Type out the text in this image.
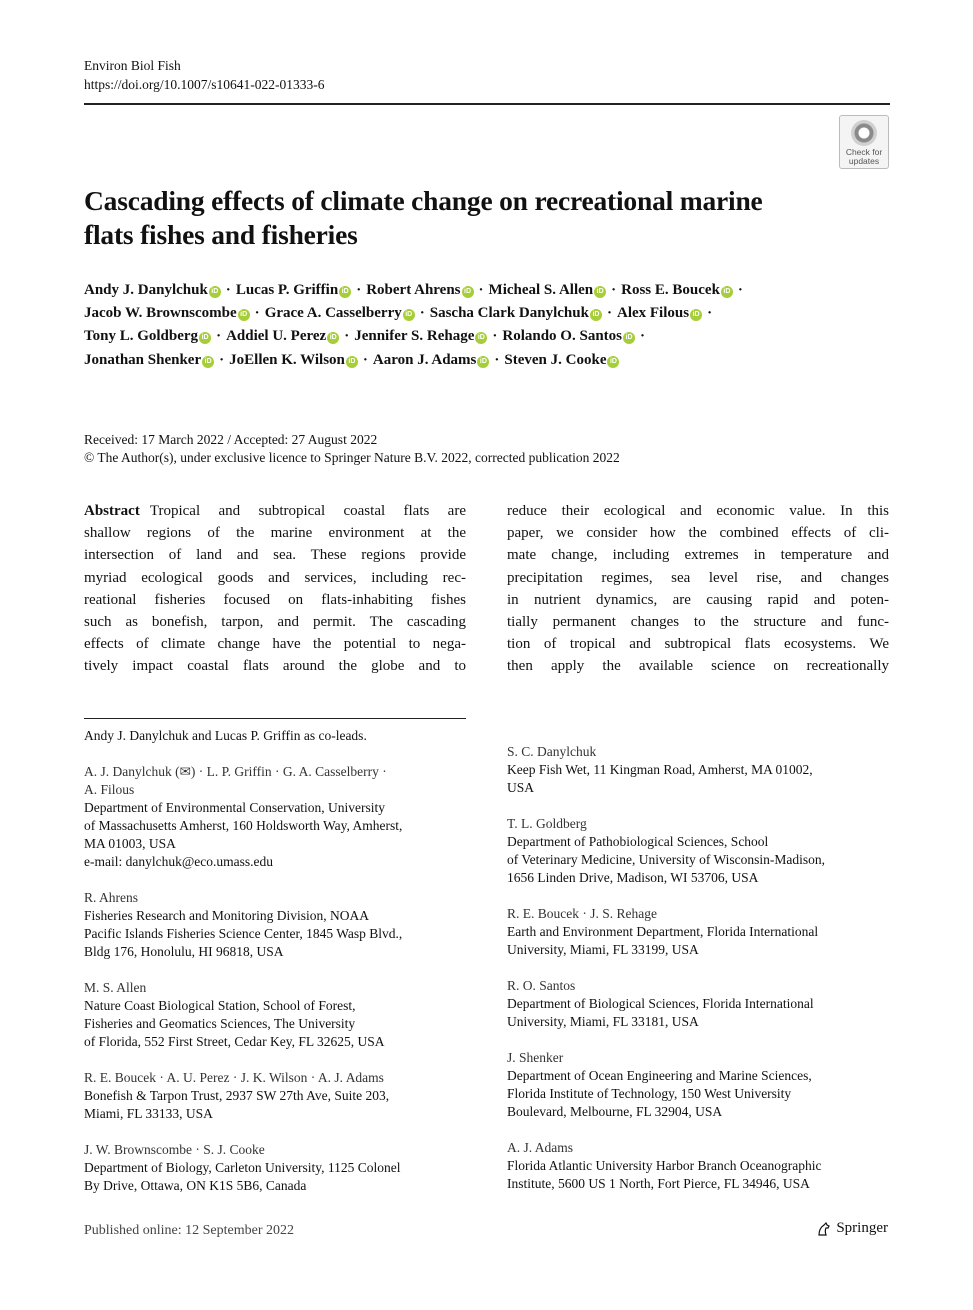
Environ Biol Fish
https://doi.org/10.1007/s10641-022-01333-6
Check for
updates
Cascading effects of climate change on recreational marine
flats fishes and fisheries
Andy J. Danylchuk iD · Lucas P. Griffin iD · Robert Ahrens iD · Micheal S. Allen iD · Ross E. Boucek iD ·
Jacob W. Brownscombe iD · Grace A. Casselberry iD · Sascha Clark Danylchuk iD · Alex Filous iD ·
Tony L. Goldberg iD · Addiel U. Perez iD · Jennifer S. Rehage iD · Rolando O. Santos iD ·
Jonathan Shenker iD · JoEllen K. Wilson iD · Aaron J. Adams iD · Steven J. Cooke iD
Received: 17 March 2022 / Accepted: 27 August 2022
© The Author(s), under exclusive licence to Springer Nature B.V. 2022, corrected publication 2022
Abstract Tropical and subtropical coastal flats are
shallow regions of the marine environment at the
intersection of land and sea. These regions provide
myriad ecological goods and services, including rec-
reational fisheries focused on flats-inhabiting fishes
such as bonefish, tarpon, and permit. The cascading
effects of climate change have the potential to nega-
tively impact coastal flats around the globe and to
reduce their ecological and economic value. In this
paper, we consider how the combined effects of cli-
mate change, including extremes in temperature and
precipitation regimes, sea level rise, and changes
in nutrient dynamics, are causing rapid and poten-
tially permanent changes to the structure and func-
tion of tropical and subtropical flats ecosystems. We
then apply the available science on recreationally
Andy J. Danylchuk and Lucas P. Griffin as co-leads.
A. J. Danylchuk (✉) · L. P. Griffin · G. A. Casselberry ·
A. Filous
Department of Environmental Conservation, University
of Massachusetts Amherst, 160 Holdsworth Way, Amherst,
MA 01003, USA
e-mail: danylchuk@eco.umass.edu
R. Ahrens
Fisheries Research and Monitoring Division, NOAA
Pacific Islands Fisheries Science Center, 1845 Wasp Blvd.,
Bldg 176, Honolulu, HI 96818, USA
M. S. Allen
Nature Coast Biological Station, School of Forest,
Fisheries and Geomatics Sciences, The University
of Florida, 552 First Street, Cedar Key, FL 32625, USA
R. E. Boucek · A. U. Perez · J. K. Wilson · A. J. Adams
Bonefish & Tarpon Trust, 2937 SW 27th Ave, Suite 203,
Miami, FL 33133, USA
J. W. Brownscombe · S. J. Cooke
Department of Biology, Carleton University, 1125 Colonel
By Drive, Ottawa, ON K1S 5B6, Canada
S. C. Danylchuk
Keep Fish Wet, 11 Kingman Road, Amherst, MA 01002,
USA
T. L. Goldberg
Department of Pathobiological Sciences, School
of Veterinary Medicine, University of Wisconsin-Madison,
1656 Linden Drive, Madison, WI 53706, USA
R. E. Boucek · J. S. Rehage
Earth and Environment Department, Florida International
University, Miami, FL 33199, USA
R. O. Santos
Department of Biological Sciences, Florida International
University, Miami, FL 33181, USA
J. Shenker
Department of Ocean Engineering and Marine Sciences,
Florida Institute of Technology, 150 West University
Boulevard, Melbourne, FL 32904, USA
A. J. Adams
Florida Atlantic University Harbor Branch Oceanographic
Institute, 5600 US 1 North, Fort Pierce, FL 34946, USA
Published online: 12 September 2022	Springer
